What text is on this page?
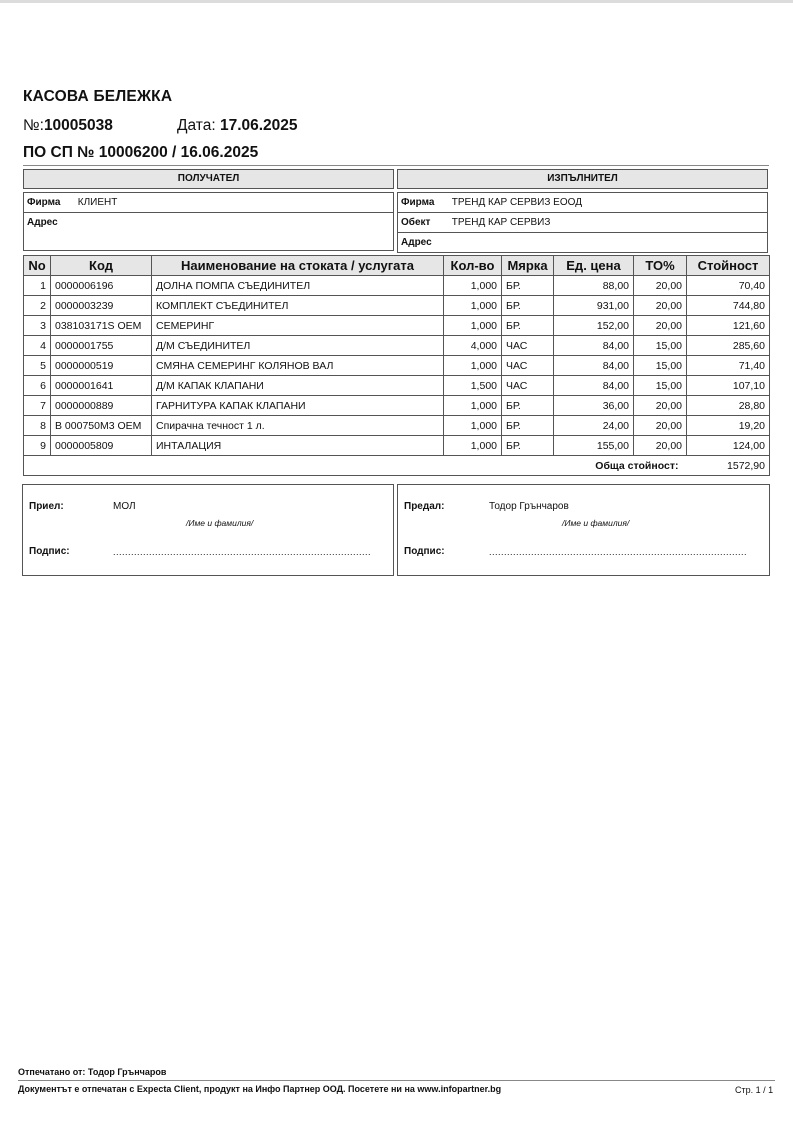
КАСОВА БЕЛЕЖКА
№:10005038	Дата: 17.06.2025
ПО СП № 10006200 / 16.06.2025
ПОЛУЧАТЕЛ
Фирма КЛИЕНТ
Адрес
ИЗПЪЛНИТЕЛ
Фирма ТРЕНД КАР СЕРВИЗ ЕООД
Обект ТРЕНД КАР СЕРВИЗ
Адрес
No	Код	Наименование на стоката / услугата	Кол-во	Мярка	Ед. цена	ТО%	Стойност
1	0000006196	ДОЛНА ПОМПА СЪЕДИНИТЕЛ	1,000	БР.	88,00	20,00	70,40
2	0000003239	КОМПЛЕКТ СЪЕДИНИТЕЛ	1,000	БР.	931,00	20,00	744,80
3	038103171S OEM	СЕМЕРИНГ	1,000	БР.	152,00	20,00	121,60
4	0000001755	Д/М СЪЕДИНИТЕЛ	4,000	ЧАС	84,00	15,00	285,60
5	0000000519	СМЯНА СЕМЕРИНГ КОЛЯНОВ ВАЛ	1,000	ЧАС	84,00	15,00	71,40
6	0000001641	Д/М КАПАК КЛАПАНИ	1,500	ЧАС	84,00	15,00	107,10
7	0000000889	ГАРНИТУРА КАПАК КЛАПАНИ	1,000	БР.	36,00	20,00	28,80
8	В 000750М3 OEM	Спирачна течност 1 л.	1,000	БР.	24,00	20,00	19,20
9	0000005809	ИНТАЛАЦИЯ	1,000	БР.	155,00	20,00	124,00
Обща стойност:							1572,90
Приел:	МОЛ
/Име и фамилия/
Подпис:	......................................................................................
Предал:	Тодор Грънчаров
/Име и фамилия/
Подпис:	......................................................................................
Отпечатано от: Тодор Грънчаров
Документът е отпечатан с Expecta Client, продукт на Инфо Партнер ООД. Посетете ни на www.infopartner.bg	Стр. 1 / 1
